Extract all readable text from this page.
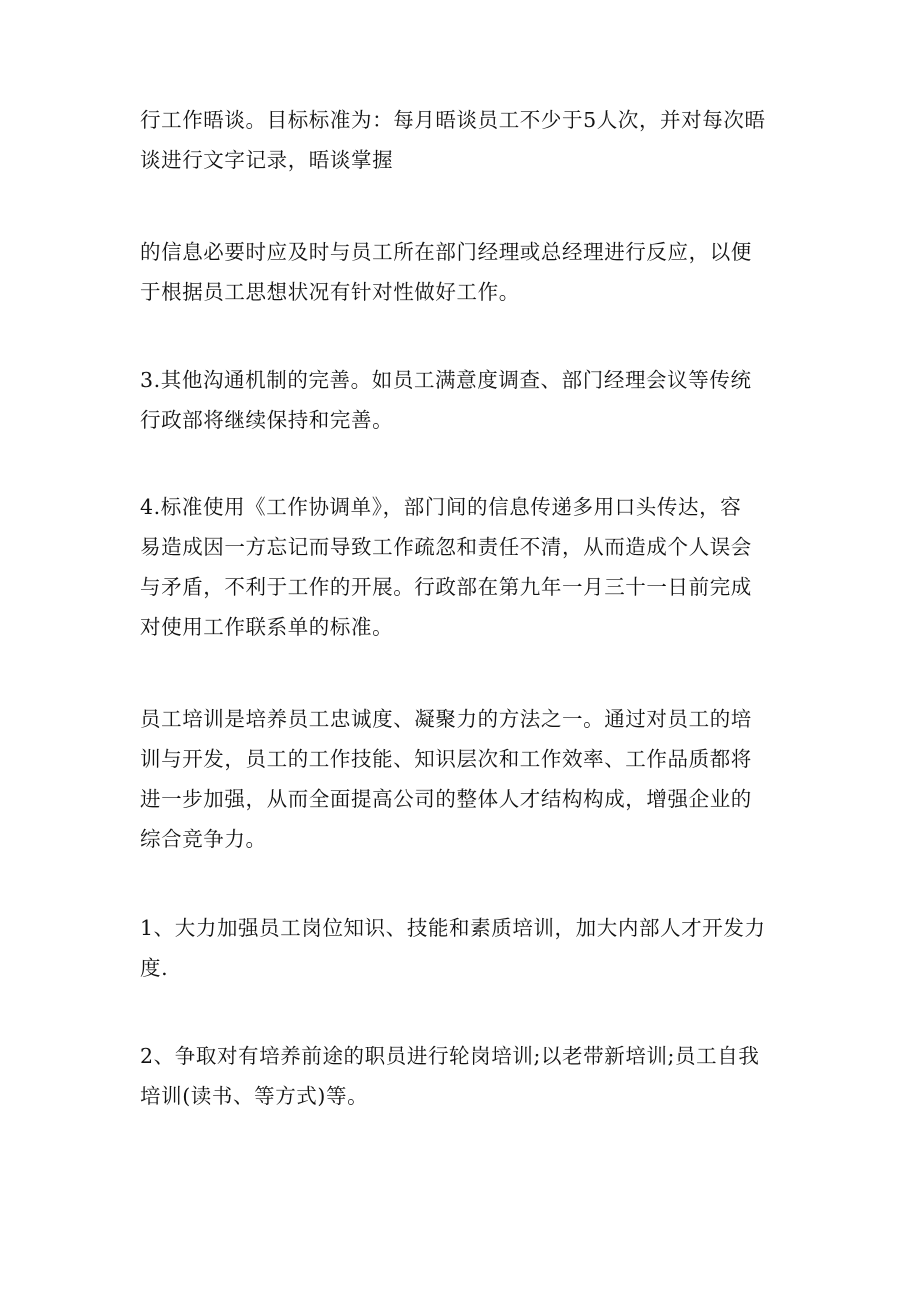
行工作晤谈。目标标准为：每月晤谈员工不少于5人次，并对每次晤
谈进行文字记录，晤谈掌握

的信息必要时应及时与员工所在部门经理或总经理进行反应，以便
于根据员工思想状况有针对性做好工作。

3.其他沟通机制的完善。如员工满意度调查、部门经理会议等传统
行政部将继续保持和完善。

4.标准使用《工作协调单》，部门间的信息传递多用口头传达，容
易造成因一方忘记而导致工作疏忽和责任不清，从而造成个人误会
与矛盾，不利于工作的开展。行政部在第九年一月三十一日前完成
对使用工作联系单的标准。

员工培训是培养员工忠诚度、凝聚力的方法之一。通过对员工的培
训与开发，员工的工作技能、知识层次和工作效率、工作品质都将
进一步加强，从而全面提高公司的整体人才结构构成，增强企业的
综合竞争力。

1、大力加强员工岗位知识、技能和素质培训，加大内部人才开发力
度.

2、争取对有培养前途的职员进行轮岗培训;以老带新培训;员工自我
培训(读书、等方式)等。
